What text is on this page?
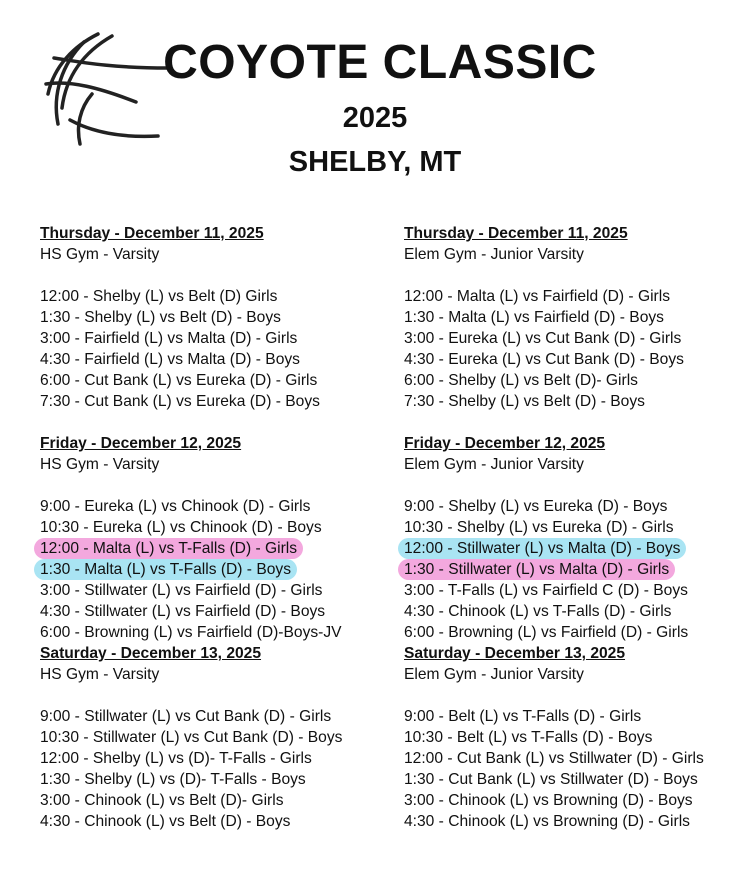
COYOTE CLASSIC
2025
SHELBY, MT
Thursday - December 11, 2025
HS Gym - Varsity
12:00 - Shelby (L) vs Belt (D) Girls
1:30 - Shelby (L) vs Belt (D) - Boys
3:00 - Fairfield (L) vs Malta (D) - Girls
4:30 - Fairfield (L) vs Malta (D) - Boys
6:00 - Cut Bank (L) vs Eureka (D) - Girls
7:30 - Cut Bank (L) vs Eureka (D) - Boys
Friday - December 12, 2025
HS Gym - Varsity
9:00 - Eureka (L) vs Chinook (D) - Girls
10:30 - Eureka (L) vs Chinook (D) - Boys
12:00 - Malta (L) vs T-Falls (D) - Girls
1:30 - Malta (L) vs T-Falls (D) - Boys
3:00 - Stillwater (L) vs Fairfield (D) - Girls
4:30 - Stillwater (L) vs Fairfield (D) - Boys
6:00 - Browning (L) vs Fairfield (D)-Boys-JV
Saturday - December 13, 2025
HS Gym - Varsity
9:00 - Stillwater (L) vs Cut Bank (D) - Girls
10:30 - Stillwater (L) vs Cut Bank (D) - Boys
12:00 - Shelby (L) vs (D)- T-Falls - Girls
1:30 - Shelby (L) vs (D)- T-Falls - Boys
3:00 - Chinook (L) vs Belt (D)- Girls
4:30 - Chinook (L) vs Belt (D) - Boys
Thursday - December 11, 2025
Elem Gym - Junior Varsity
12:00 - Malta (L) vs Fairfield (D) - Girls
1:30 - Malta (L) vs Fairfield (D) - Boys
3:00 - Eureka (L) vs Cut Bank (D) - Girls
4:30 - Eureka (L) vs Cut Bank (D) - Boys
6:00 - Shelby (L) vs Belt (D)- Girls
7:30 - Shelby (L) vs Belt (D) - Boys
Friday - December 12, 2025
Elem Gym - Junior Varsity
9:00 - Shelby (L) vs Eureka (D) - Boys
10:30 - Shelby (L) vs Eureka (D) - Girls
12:00 - Stillwater (L) vs Malta (D) - Boys
1:30 - Stillwater (L) vs Malta (D) - Girls
3:00 - T-Falls (L) vs Fairfield C (D) - Boys
4:30 - Chinook (L) vs T-Falls (D) - Girls
6:00 - Browning (L) vs Fairfield (D) - Girls
Saturday - December 13, 2025
Elem Gym - Junior Varsity
9:00 - Belt (L) vs T-Falls (D) - Girls
10:30 - Belt (L) vs T-Falls (D) - Boys
12:00 - Cut Bank (L) vs Stillwater (D) - Girls
1:30 - Cut Bank (L) vs Stillwater (D) - Boys
3:00 - Chinook (L) vs Browning (D) - Boys
4:30 - Chinook (L) vs Browning (D) - Girls
